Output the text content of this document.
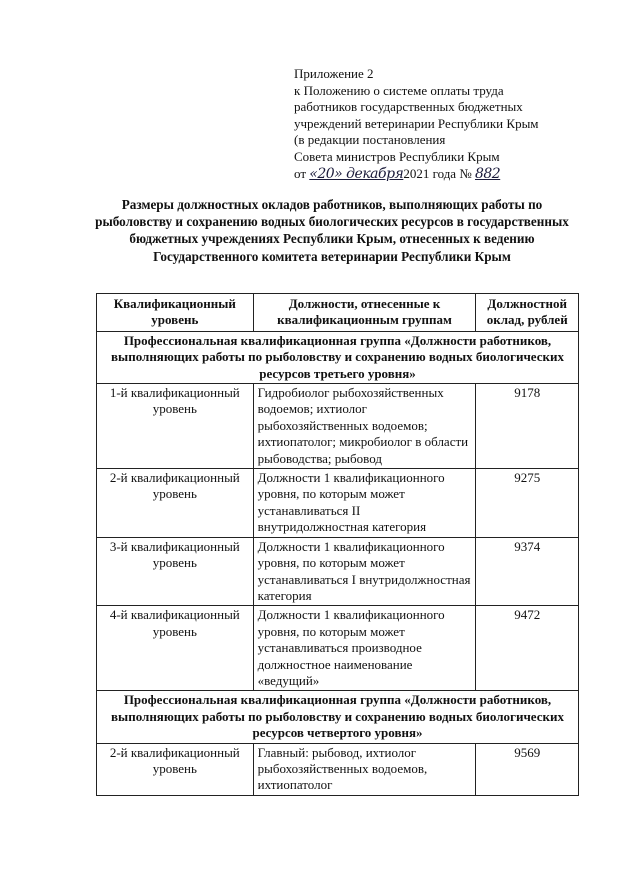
Приложение 2
к Положению о системе оплаты труда
работников государственных бюджетных
учреждений ветеринарии Республики Крым
(в редакции постановления
Совета министров Республики Крым
от «20» декабря2021 года № 882
Размеры должностных окладов работников, выполняющих работы по рыболовству и сохранению водных биологических ресурсов в государственных бюджетных учреждениях Республики Крым, отнесенных к ведению Государственного комитета ветеринарии Республики Крым
Квалификационный уровень	Должности, отнесенные к квалификационным группам	Должностной оклад, рублей
Профессиональная квалификационная группа «Должности работников, выполняющих работы по рыболовству и сохранению водных биологических ресурсов третьего уровня»		
1-й квалификационный уровень	Гидробиолог рыбохозяйственных водоемов; ихтиолог рыбохозяйственных водоемов; ихтиопатолог; микробиолог в области рыбоводства; рыбовод	9178
2-й квалификационный уровень	Должности 1 квалификационного уровня, по которым может устанавливаться II внутридолжностная категория	9275
3-й квалификационный уровень	Должности 1 квалификационного уровня, по которым может устанавливаться I внутридолжностная категория	9374
4-й квалификационный уровень	Должности 1 квалификационного уровня, по которым может устанавливаться производное должностное наименование «ведущий»	9472
Профессиональная квалификационная группа «Должности работников, выполняющих работы по рыболовству и сохранению водных биологических ресурсов четвертого уровня»		
2-й квалификационный уровень	Главный: рыбовод, ихтиолог рыбохозяйственных водоемов, ихтиопатолог	9569
